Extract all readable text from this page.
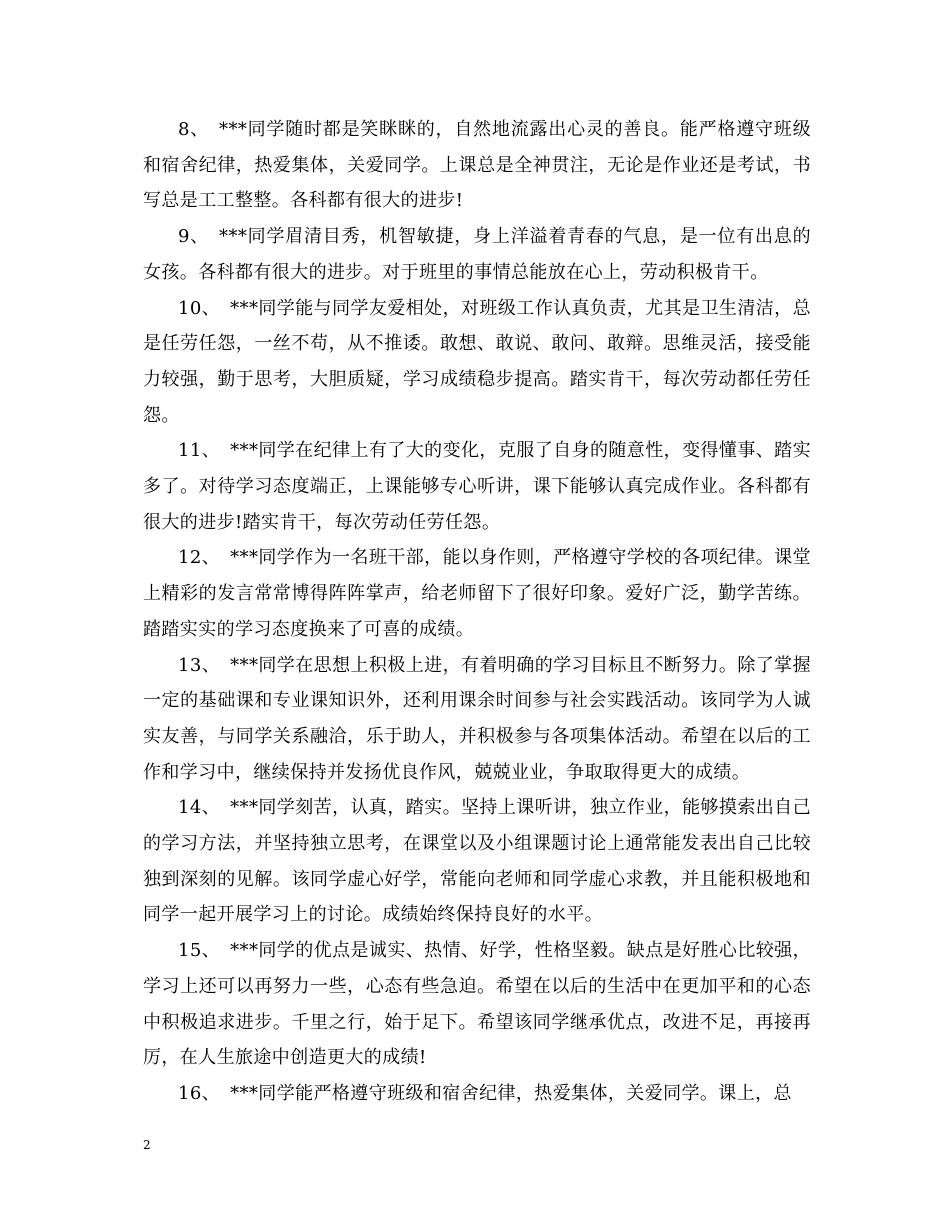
8、 ***同学随时都是笑眯眯的，自然地流露出心灵的善良。能严格遵守班级和宿舍纪律，热爱集体，关爱同学。上课总是全神贯注，无论是作业还是考试，书写总是工工整整。各科都有很大的进步!

9、 ***同学眉清目秀，机智敏捷，身上洋溢着青春的气息，是一位有出息的女孩。各科都有很大的进步。对于班里的事情总能放在心上，劳动积极肯干。

10、 ***同学能与同学友爱相处，对班级工作认真负责，尤其是卫生清洁，总是任劳任怨，一丝不苟，从不推诿。敢想、敢说、敢问、敢辩。思维灵活，接受能力较强，勤于思考，大胆质疑，学习成绩稳步提高。踏实肯干，每次劳动都任劳任怨。

11、 ***同学在纪律上有了大的变化，克服了自身的随意性，变得懂事、踏实多了。对待学习态度端正，上课能够专心听讲，课下能够认真完成作业。各科都有很大的进步!踏实肯干，每次劳动任劳任怨。

12、 ***同学作为一名班干部，能以身作则，严格遵守学校的各项纪律。课堂上精彩的发言常常博得阵阵掌声，给老师留下了很好印象。爱好广泛，勤学苦练。踏踏实实的学习态度换来了可喜的成绩。

13、 ***同学在思想上积极上进，有着明确的学习目标且不断努力。除了掌握一定的基础课和专业课知识外，还利用课余时间参与社会实践活动。该同学为人诚实友善，与同学关系融洽，乐于助人，并积极参与各项集体活动。希望在以后的工作和学习中，继续保持并发扬优良作风，兢兢业业，争取取得更大的成绩。

14、 ***同学刻苦，认真，踏实。坚持上课听讲，独立作业，能够摸索出自己的学习方法，并坚持独立思考，在课堂以及小组课题讨论上通常能发表出自己比较独到深刻的见解。该同学虚心好学，常能向老师和同学虚心求教，并且能积极地和同学一起开展学习上的讨论。成绩始终保持良好的水平。

15、 ***同学的优点是诚实、热情、好学，性格坚毅。缺点是好胜心比较强，学习上还可以再努力一些，心态有些急迫。希望在以后的生活中在更加平和的心态中积极追求进步。千里之行，始于足下。希望该同学继承优点，改进不足，再接再厉，在人生旅途中创造更大的成绩!

16、 ***同学能严格遵守班级和宿舍纪律，热爱集体，关爱同学。课上，总

2
